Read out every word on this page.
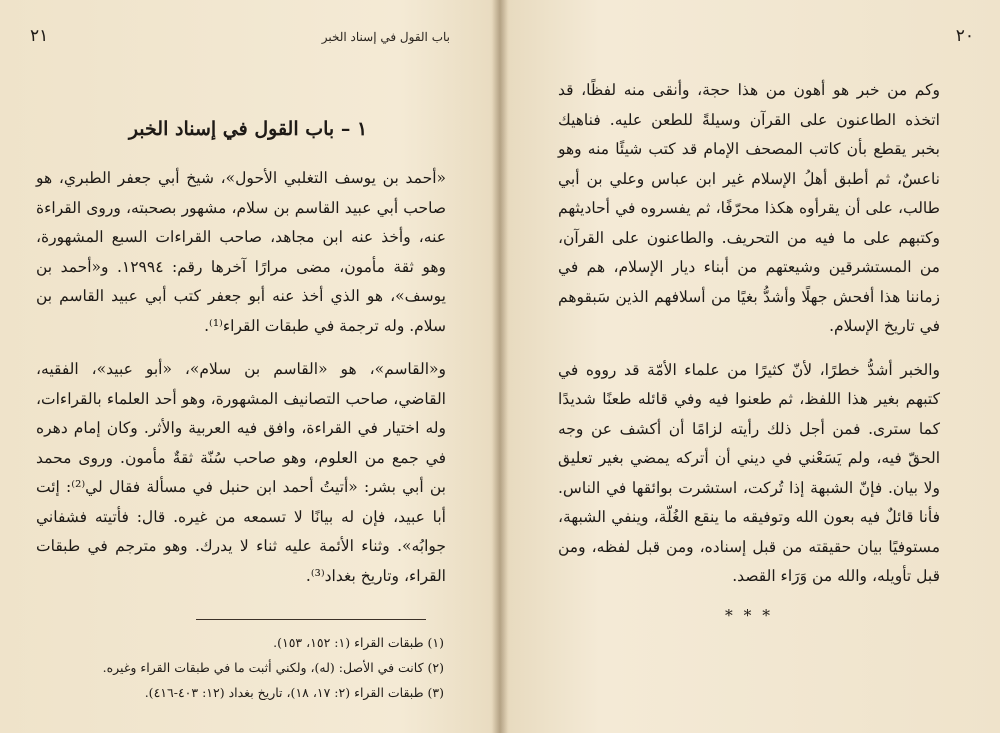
٢١	باب القول في إسناد الخبر
١ – باب القول في إسناد الخبر

«أحمد بن يوسف التغلبي الأحول»، شيخ أبي جعفر الطبري، هو صاحب أبي عبيد القاسم بن سلام، مشهور بصحبته، وروى القراءة عنه، وأخذ عنه ابن مجاهد، صاحب القراءات السبع المشهورة، وهو ثقة مأمون، مضى مرارًا آخرها رقم: ١٢٩٩٤. و«أحمد بن يوسف»، هو الذي أخذ عنه أبو جعفر كتب أبي عبيد القاسم بن سلام. وله ترجمة في طبقات القراء⁽¹⁾.

و«القاسم»، هو «القاسم بن سلام»، «أبو عبيد»، الفقيه، القاضي، صاحب التصانيف المشهورة، وهو أحد العلماء بالقراءات، وله اختيار في القراءة، وافق فيه العربية والأثر. وكان إمام دهره في جمع من العلوم، وهو صاحب سُنّة ثقةٌ مأمون. وروى محمد بن أبي بشر: «أتيتُ أحمد ابن حنبل في مسألة فقال لي⁽²⁾: إئت أبا عبيد، فإن له بيانًا لا تسمعه من غيره. قال: فأتيته فشفاني جوابُه». وثناء الأئمة عليه ثناء لا يدرك. وهو مترجم في طبقات القراء، وتاريخ بغداد⁽³⁾.

(١) طبقات القراء (١: ١٥٢، ١٥٣).
(٢) كانت في الأصل: (له)، ولكني أثبت ما في طبقات القراء وغيره.
(٣) طبقات القراء (٢: ١٧، ١٨)، تاريخ بغداد (١٢: ٤٠٣-٤١٦).
٢٠

وكم من خبر هو أهون من هذا حجة، وأنقى منه لفظًا، قد اتخذه الطاعنون على القرآن وسيلةً للطعن عليه. فناهيك بخبر يقطع بأن كاتب المصحف الإمام قد كتب شيئًا منه وهو ناعسٌ، ثم أطبق أهلُ الإسلام غير ابن عباس وعلي بن أبي طالب، على أن يقرأوه هكذا محرّفًا، ثم يفسروه في أحاديثهم وكتبهم على ما فيه من التحريف. والطاعنون على القرآن، من المستشرقين وشيعتهم من أبناء ديار الإسلام، هم في زماننا هذا أفحش جهلًا وأشدُّ بغيًا من أسلافهم الذين سَبقوهم في تاريخ الإسلام.

والخبر أشدُّ خطرًا، لأنّ كثيرًا من علماء الأمّة قد رووه في كتبهم بغير هذا اللفظ، ثم طعنوا فيه وفي قائله طعنًا شديدًا كما سترى. فمن أجل ذلك رأيته لزامًا أن أكشف عن وجه الحقّ فيه، ولم يَسَعْني في ديني أن أتركه يمضي بغير تعليق ولا بيان. فإنّ الشبهة إذا تُركت، استشرت بوائقها في الناس. فأنا قائلٌ فيه بعون الله وتوفيقه ما ينقع الغُلّة، وينفي الشبهة، مستوفيًا بيان حقيقته من قبل إسناده، ومن قبل لفظه، ومن قبل تأويله، والله من وَرَاء القصد.

* * *
